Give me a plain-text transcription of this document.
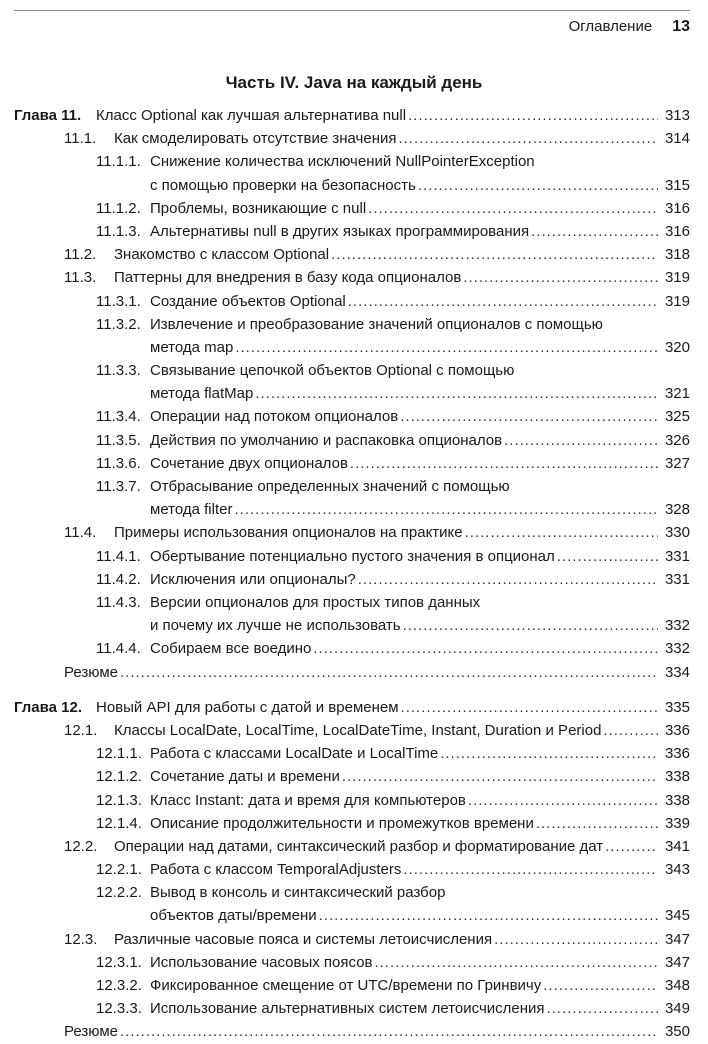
Оглавление 13
Часть IV. Java на каждый день
Глава 11. Класс Optional как лучшая альтернатива null .....	313
11.1. Как смоделировать отсутствие значения .....	314
11.1.1. Снижение количества исключений NullPointerException
с помощью проверки на безопасность .....	315
11.1.2. Проблемы, возникающие с null .....	316
11.1.3. Альтернативы null в других языках программирования .....	316
11.2. Знакомство с классом Optional .....	318
11.3. Паттерны для внедрения в базу кода опционалов .....	319
11.3.1. Создание объектов Optional .....	319
11.3.2. Извлечение и преобразование значений опционалов с помощью
метода map .....	320
11.3.3. Связывание цепочкой объектов Optional с помощью
метода flatMap .....	321
11.3.4. Операции над потоком опционалов .....	325
11.3.5. Действия по умолчанию и распаковка опционалов .....	326
11.3.6. Сочетание двух опционалов .....	327
11.3.7. Отбрасывание определенных значений с помощью
метода filter .....	328
11.4. Примеры использования опционалов на практике .....	330
11.4.1. Обертывание потенциально пустого значения в опционал .....	331
11.4.2. Исключения или опционалы? .....	331
11.4.3. Версии опционалов для простых типов данных
и почему их лучше не использовать .....	332
11.4.4. Собираем все воедино .....	332
Резюме .....	334
Глава 12. Новый API для работы с датой и временем .....	335
12.1. Классы LocalDate, LocalTime, LocalDateTime, Instant, Duration и Period .....	336
12.1.1. Работа с классами LocalDate и LocalTime .....	336
12.1.2. Сочетание даты и времени .....	338
12.1.3. Класс Instant: дата и время для компьютеров .....	338
12.1.4. Описание продолжительности и промежутков времени .....	339
12.2. Операции над датами, синтаксический разбор и форматирование дат .....	341
12.2.1. Работа с классом TemporalAdjusters .....	343
12.2.2. Вывод в консоль и синтаксический разбор
объектов даты/времени .....	345
12.3. Различные часовые пояса и системы летоисчисления .....	347
12.3.1. Использование часовых поясов .....	347
12.3.2. Фиксированное смещение от UTC/времени по Гринвичу .....	348
12.3.3. Использование альтернативных систем летоисчисления .....	349
Резюме .....	350
